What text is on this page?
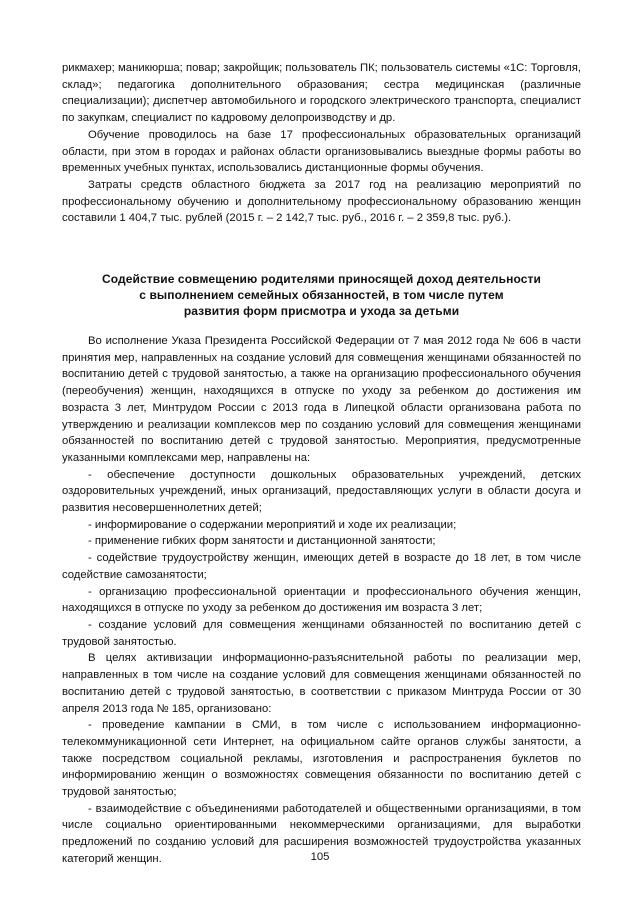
рикмахер; маникюрша; повар; закройщик; пользователь ПК; пользователь системы «1С: Торговля, склад»; педагогика дополнительного образования; сестра медицинская (различные специализации); диспетчер автомобильного и городского электрического транспорта, специалист по закупкам, специалист по кадровому делопроизводству и др.

Обучение проводилось на базе 17 профессиональных образовательных организаций области, при этом в городах и районах области организовывались выездные формы работы во временных учебных пунктах, использовались дистанционные формы обучения.

Затраты средств областного бюджета за 2017 год на реализацию мероприятий по профессиональному обучению и дополнительному профессиональному образованию женщин составили 1 404,7 тыс. рублей (2015 г. – 2 142,7 тыс. руб., 2016 г. – 2 359,8 тыс. руб.).

Содействие совмещению родителями приносящей доход деятельности
с выполнением семейных обязанностей, в том числе путем
развития форм присмотра и ухода за детьми

Во исполнение Указа Президента Российской Федерации от 7 мая 2012 года № 606 в части принятия мер, направленных на создание условий для совмещения женщинами обязанностей по воспитанию детей с трудовой занятостью, а также на организацию профессионального обучения (переобучения) женщин, находящихся в отпуске по уходу за ребенком до достижения им возраста 3 лет, Минтрудом России с 2013 года в Липецкой области организована работа по утверждению и реализации комплексов мер по созданию условий для совмещения женщинами обязанностей по воспитанию детей с трудовой занятостью. Мероприятия, предусмотренные указанными комплексами мер, направлены на:

- обеспечение доступности дошкольных образовательных учреждений, детских оздоровительных учреждений, иных организаций, предоставляющих услуги в области досуга и развития несовершеннолетних детей;

- информирование о содержании мероприятий и ходе их реализации;

- применение гибких форм занятости и дистанционной занятости;

- содействие трудоустройству женщин, имеющих детей в возрасте до 18 лет, в том числе содействие самозанятости;

- организацию профессиональной ориентации и профессионального обучения женщин, находящихся в отпуске по уходу за ребенком до достижения им возраста 3 лет;

- создание условий для совмещения женщинами обязанностей по воспитанию детей с трудовой занятостью.

В целях активизации информационно-разъяснительной работы по реализации мер, направленных в том числе на создание условий для совмещения женщинами обязанностей по воспитанию детей с трудовой занятостью, в соответствии с приказом Минтруда России от 30 апреля 2013 года № 185, организовано:

- проведение кампании в СМИ, в том числе с использованием информационно-телекоммуникационной сети Интернет, на официальном сайте органов службы занятости, а также посредством социальной рекламы, изготовления и распространения буклетов по информированию женщин о возможностях совмещения обязанности по воспитанию детей с трудовой занятостью;

- взаимодействие с объединениями работодателей и общественными организациями, в том числе социально ориентированными некоммерческими организациями, для выработки предложений по созданию условий для расширения возможностей трудоустройства указанных категорий женщин.	105
